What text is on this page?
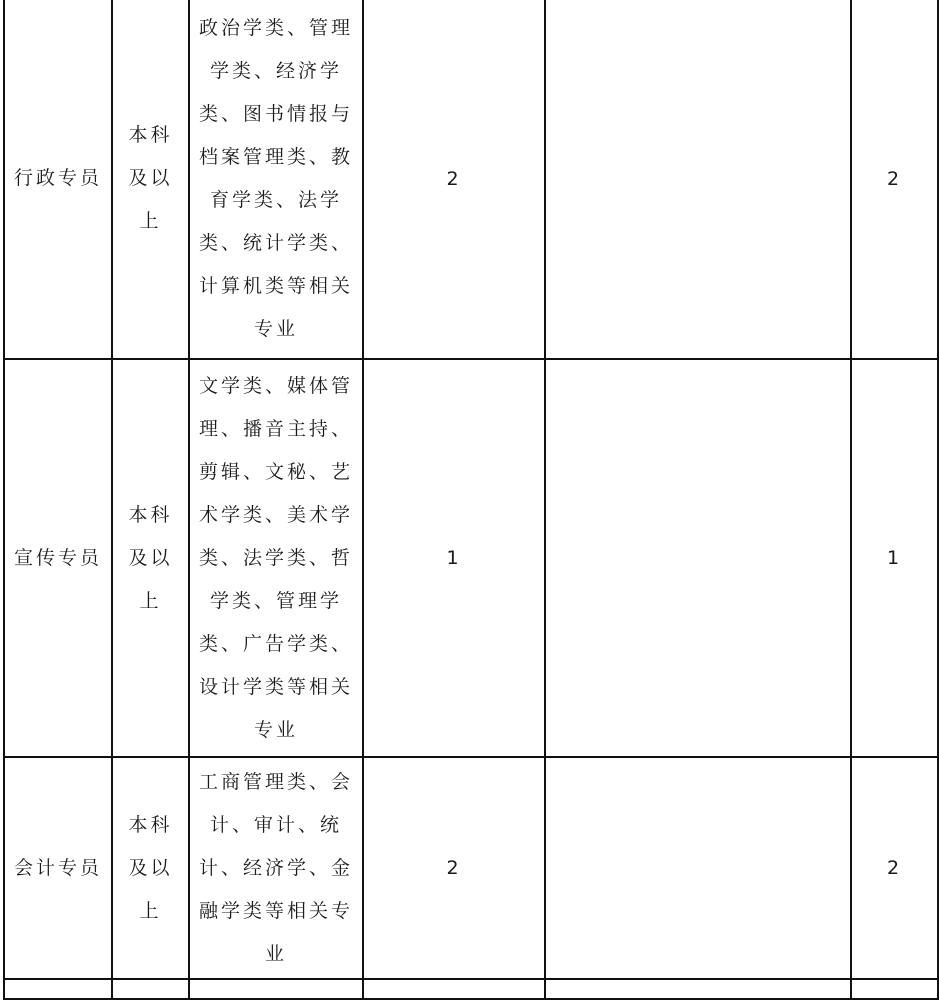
行政专员	本科及以上	政治学类、管理学类、经济学类、图书情报与档案管理类、教育学类、法学类、统计学类、计算机类等相关专业	2		2
宣传专员	本科及以上	文学类、媒体管理、播音主持、剪辑、文秘、艺术学类、美术学类、法学类、哲学类、管理学类、广告学类、设计学类等相关专业	1		1
会计专员	本科及以上	工商管理类、会计、审计、统计、经济学、金融学类等相关专业	2		2
